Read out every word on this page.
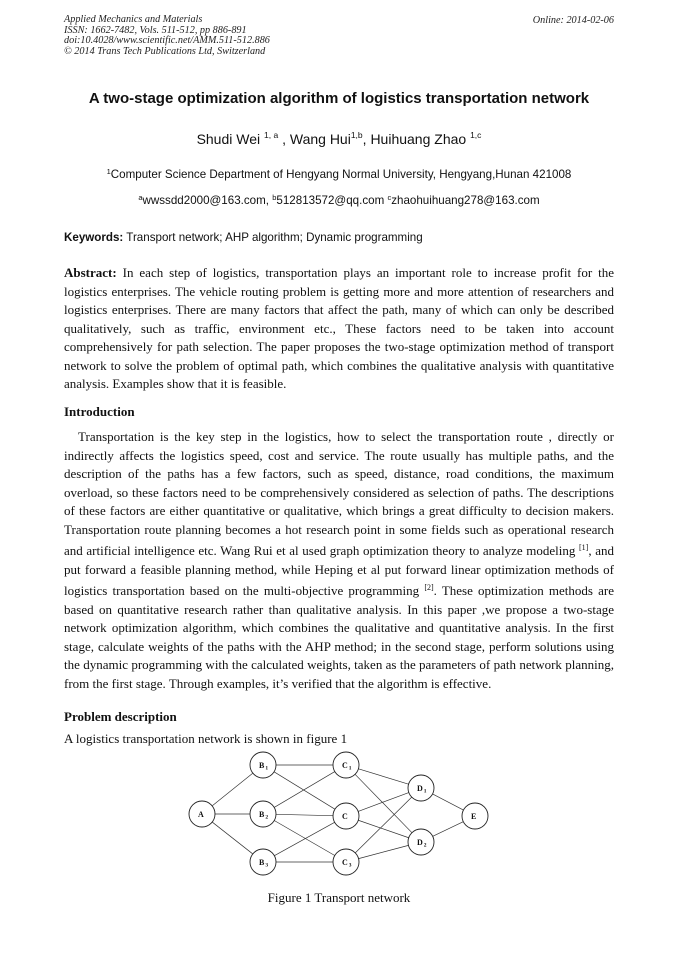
Applied Mechanics and Materials
ISSN: 1662-7482, Vols. 511-512, pp 886-891
doi:10.4028/www.scientific.net/AMM.511-512.886
© 2014 Trans Tech Publications Ltd, Switzerland
Online: 2014-02-06
A two-stage optimization algorithm of logistics transportation network
Shudi Wei $^{1, a}$ , Wang Hui$^{1,b}$, Huihuang Zhao $^{1,c}$
$^1$Computer Science Department of Hengyang Normal University, Hengyang,Hunan 421008
$^a$wwssdd2000@163.com, $^b$512813572@qq.com $^c$zhaohuihuang278@163.com
Keywords: Transport network; AHP algorithm; Dynamic programming
Abstract: In each step of logistics, transportation plays an important role to increase profit for the logistics enterprises. The vehicle routing problem is getting more and more attention of researchers and logistics enterprises. There are many factors that affect the path, many of which can only be described qualitatively, such as traffic, environment etc., These factors need to be taken into account comprehensively for path selection. The paper proposes the two-stage optimization method of transport network to solve the problem of optimal path, which combines the qualitative analysis with quantitative analysis. Examples show that it is feasible.
Introduction
Transportation is the key step in the logistics, how to select the transportation route , directly or indirectly affects the logistics speed, cost and service. The route usually has multiple paths, and the description of the paths has a few factors, such as speed, distance, road conditions, the maximum overload, so these factors need to be comprehensively considered as selection of paths. The descriptions of these factors are either quantitative or qualitative, which brings a great difficulty to decision makers. Transportation route planning becomes a hot research point in some fields such as operational research and artificial intelligence etc. Wang Rui et al used graph optimization theory to analyze modeling [1], and put forward a feasible planning method, while Heping et al put forward linear optimization methods of logistics transportation based on the multi-objective programming [2]. These optimization methods are based on quantitative research rather than qualitative analysis. In this paper ,we propose a two-stage network optimization algorithm, which combines the qualitative and quantitative analysis. In the first stage, calculate weights of the paths with the AHP method; in the second stage, perform solutions using the dynamic programming with the calculated weights, taken as the parameters of path network planning, from the first stage. Through examples, it’s verified that the algorithm is effective.
Problem description
A logistics transportation network is shown in figure 1
A
B1
B2
B3
C1
C
C3
D1
D2
E
Figure 1 Transport network
